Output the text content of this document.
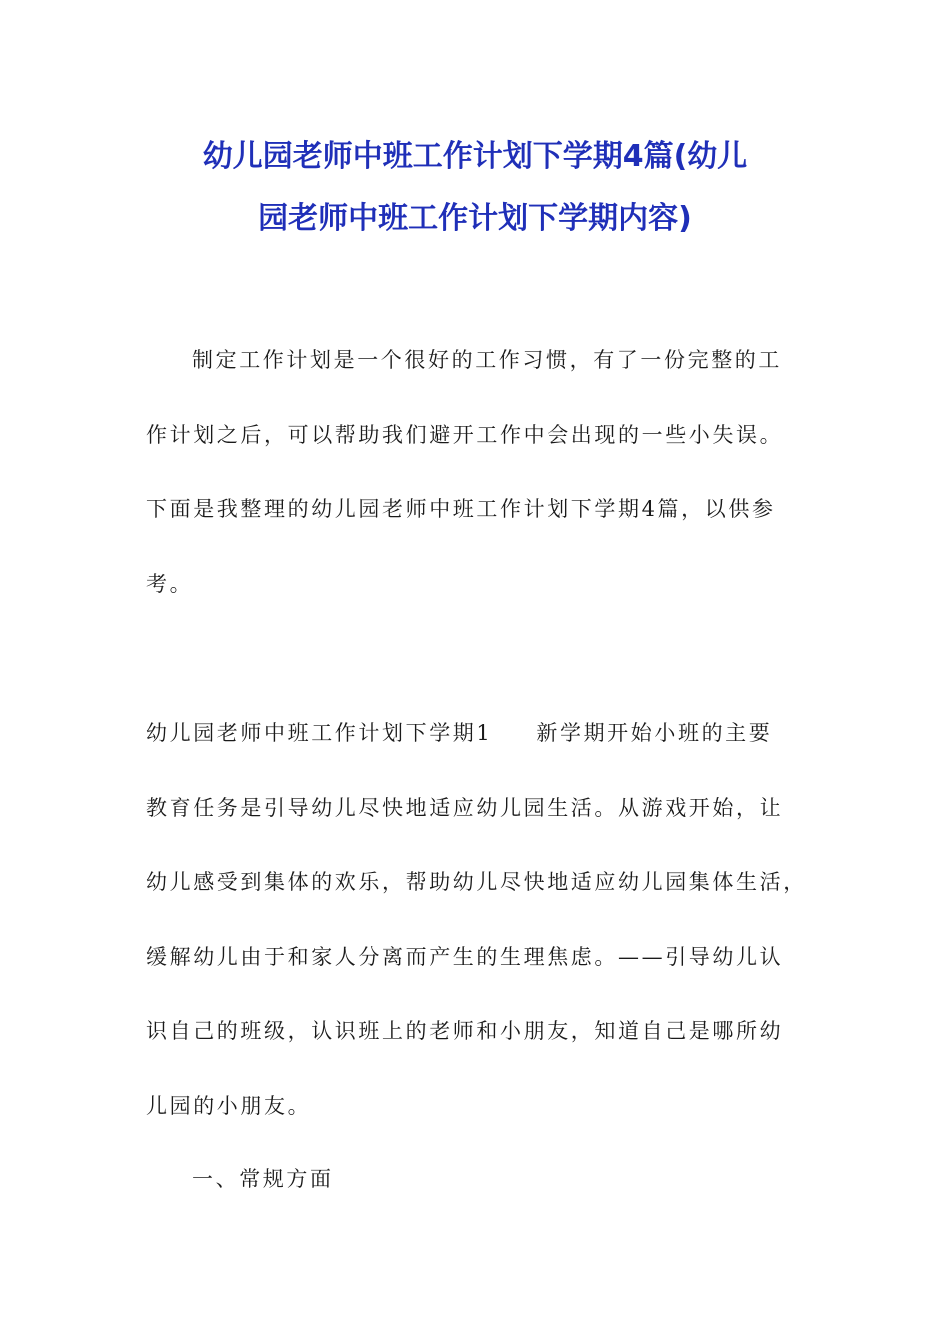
幼儿园老师中班工作计划下学期4篇(幼儿
园老师中班工作计划下学期内容)

制定工作计划是一个很好的工作习惯，有了一份完整的工
作计划之后，可以帮助我们避开工作中会出现的一些小失误。
下面是我整理的幼儿园老师中班工作计划下学期4篇，以供参
考。

幼儿园老师中班工作计划下学期1 新学期开始小班的主要
教育任务是引导幼儿尽快地适应幼儿园生活。从游戏开始，让
幼儿感受到集体的欢乐，帮助幼儿尽快地适应幼儿园集体生活，
缓解幼儿由于和家人分离而产生的生理焦虑。——引导幼儿认
识自己的班级，认识班上的老师和小朋友，知道自己是哪所幼
儿园的小朋友。

一、常规方面
